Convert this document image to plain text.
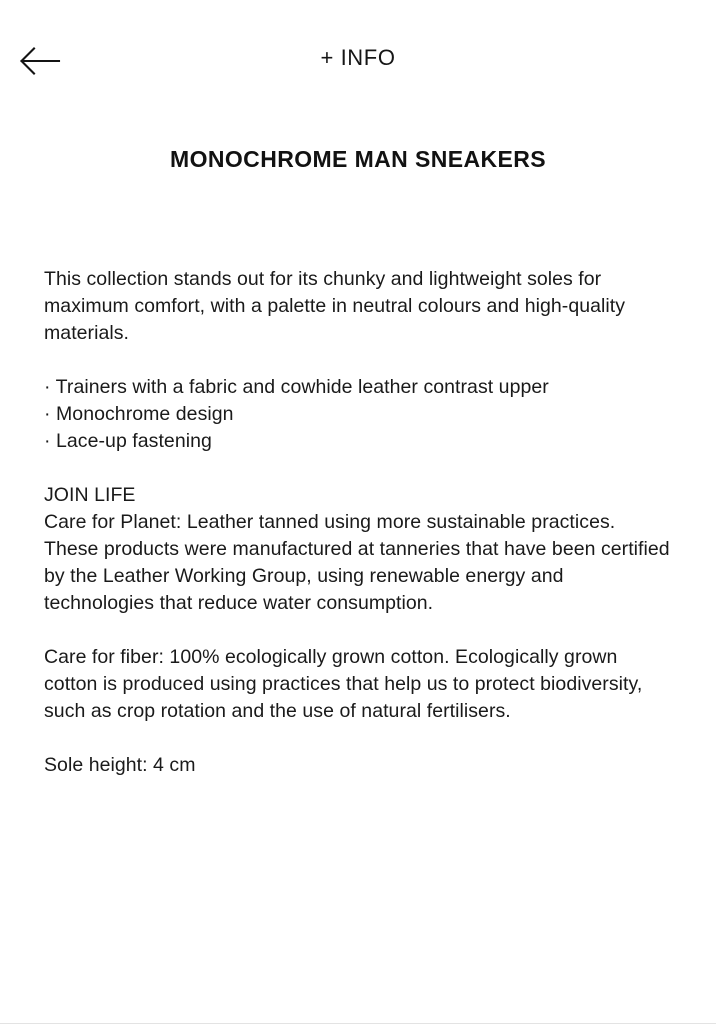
+ INFO
MONOCHROME MAN SNEAKERS

This collection stands out for its chunky and lightweight soles for maximum comfort, with a palette in neutral colours and high-quality materials.

· Trainers with a fabric and cowhide leather contrast upper
· Monochrome design
· Lace-up fastening

JOIN LIFE

Care for Planet: Leather tanned using more sustainable practices.

These products were manufactured at tanneries that have been certified by the Leather Working Group, using renewable energy and technologies that reduce water consumption.

Care for fiber: 100% ecologically grown cotton. Ecologically grown cotton is produced using practices that help us to protect biodiversity, such as crop rotation and the use of natural fertilisers.

Sole height: 4 cm
